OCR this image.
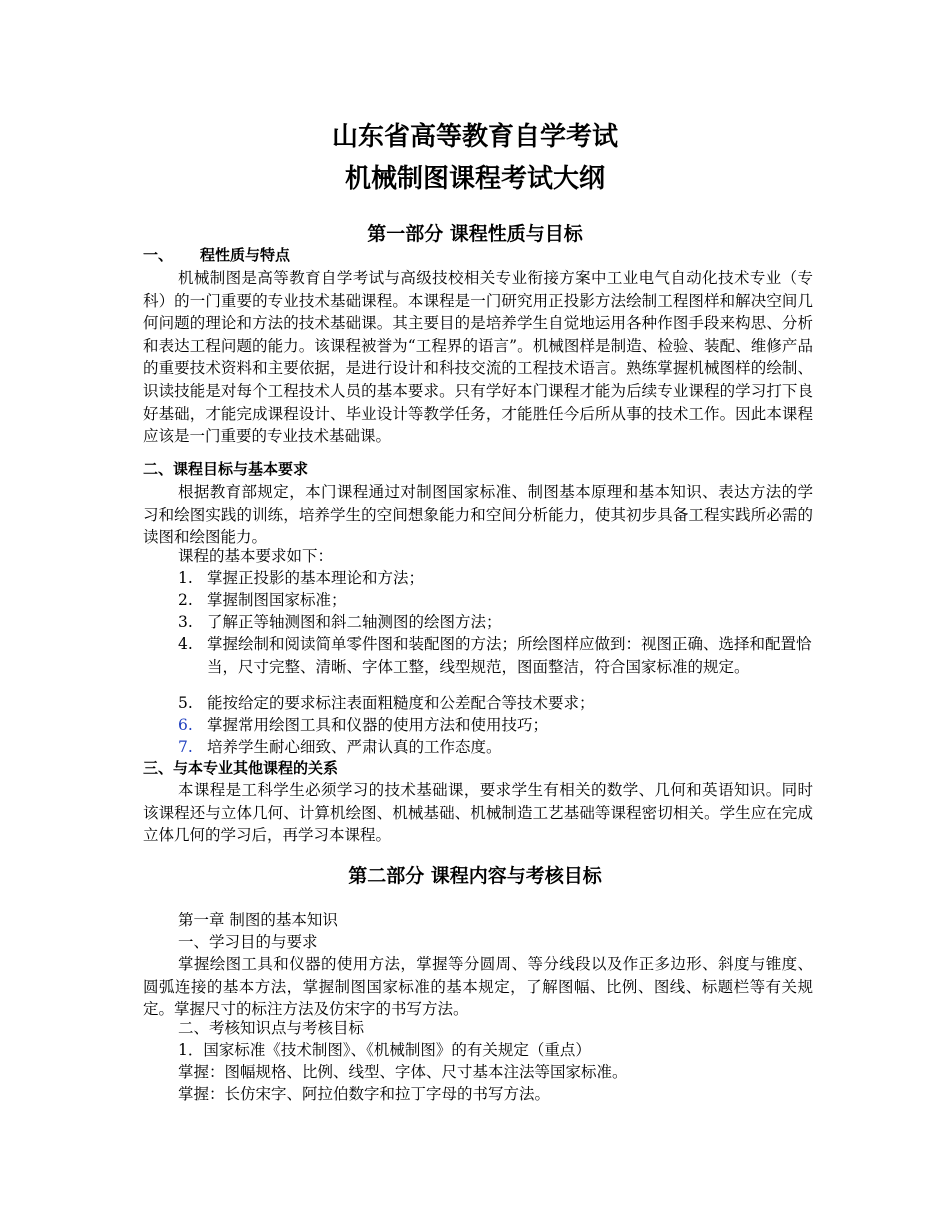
山东省高等教育自学考试
机械制图课程考试大纲
第一部分 课程性质与目标
一、 程性质与特点

机械制图是高等教育自学考试与高级技校相关专业衔接方案中工业电气自动化技术专业（专科）的一门重要的专业技术基础课程。本课程是一门研究用正投影方法绘制工程图样和解决空间几何问题的理论和方法的技术基础课。其主要目的是培养学生自觉地运用各种作图手段来构思、分析和表达工程问题的能力。该课程被誉为“工程界的语言”。机械图样是制造、检验、装配、维修产品的重要技术资料和主要依据，是进行设计和科技交流的工程技术语言。熟练掌握机械图样的绘制、识读技能是对每个工程技术人员的基本要求。只有学好本门课程才能为后续专业课程的学习打下良好基础，才能完成课程设计、毕业设计等教学任务，才能胜任今后所从事的技术工作。因此本课程应该是一门重要的专业技术基础课。

二、课程目标与基本要求

根据教育部规定，本门课程通过对制图国家标准、制图基本原理和基本知识、表达方法的学习和绘图实践的训练，培养学生的空间想象能力和空间分析能力，使其初步具备工程实践所必需的读图和绘图能力。

课程的基本要求如下：

1. 掌握正投影的基本理论和方法；
2. 掌握制图国家标准；
3. 了解正等轴测图和斜二轴测图的绘图方法；
4. 掌握绘制和阅读简单零件图和装配图的方法；所绘图样应做到：视图正确、选择和配置恰当，尺寸完整、清晰、字体工整，线型规范，图面整洁，符合国家标准的规定。
5. 能按给定的要求标注表面粗糙度和公差配合等技术要求；
6. 掌握常用绘图工具和仪器的使用方法和使用技巧；
7. 培养学生耐心细致、严肃认真的工作态度。
三、与本专业其他课程的关系

本课程是工科学生必须学习的技术基础课，要求学生有相关的数学、几何和英语知识。同时该课程还与立体几何、计算机绘图、机械基础、机械制造工艺基础等课程密切相关。学生应在完成立体几何的学习后，再学习本课程。

第二部分 课程内容与考核目标

第一章 制图的基本知识

一、学习目的与要求

掌握绘图工具和仪器的使用方法，掌握等分圆周、等分线段以及作正多边形、斜度与锥度、圆弧连接的基本方法，掌握制图国家标准的基本规定，了解图幅、比例、图线、标题栏等有关规定。掌握尺寸的标注方法及仿宋字的书写方法。

二、考核知识点与考核目标

1．国家标准《技术制图》、《机械制图》的有关规定（重点）

掌握：图幅规格、比例、线型、字体、尺寸基本注法等国家标准。

掌握：长仿宋字、阿拉伯数字和拉丁字母的书写方法。
